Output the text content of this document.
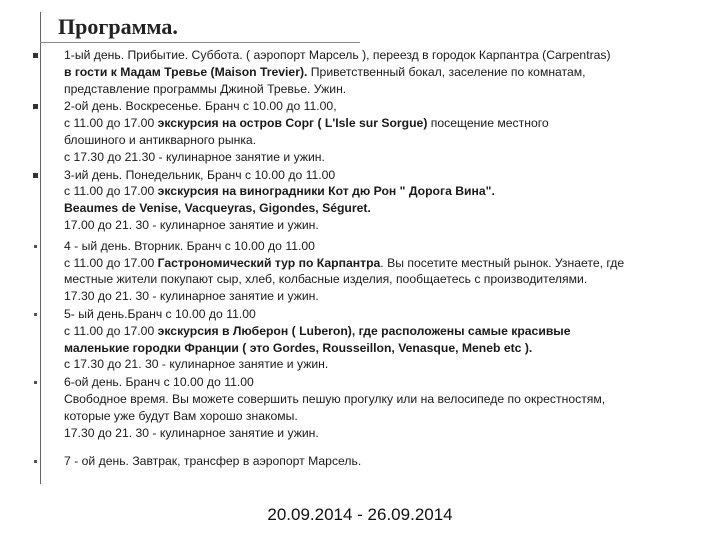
Программа.
1-ый день. Прибытие. Суббота. ( аэропорт Марсель ), переезд в городок Карпантра (Carpentras)
в гости к Мадам Тревье (Maison Trevier). Приветственный бокал, заселение по комнатам,
представление программы Джиной Тревье. Ужин.
2-ой день. Воскресенье. Бранч с 10.00 до 11.00,
с 11.00 до 17.00 экскурсия на остров Сорг ( L'Isle sur Sorgue) посещение местного
блошиного и антикварного рынка.
с 17.30 до 21.30 - кулинарное занятие и ужин.
3-ий день. Понедельник, Бранч с 10.00 до 11.00
с 11.00 до 17.00 экскурсия на виноградники Кот дю Рон " Дорога Вина".
Beaumes de Venise, Vacqueyras, Gigondes, Séguret.
17.00 до 21. 30 - кулинарное занятие и ужин.
4 - ый день. Вторник. Бранч с 10.00 до 11.00
с 11.00 до 17.00 Гастрономический тур по Карпантра. Вы посетите местный рынок. Узнаете, где
местные жители покупают сыр, хлеб, колбасные изделия, пообщаетесь с производителями.
17.30 до 21. 30 - кулинарное занятие и ужин.
5- ый день.Бранч с 10.00 до 11.00
с 11.00 до 17.00 экскурсия в Люберон ( Luberon), где расположены самые красивые
маленькие городки Франции ( это Gordes, Rousseillon, Venasque, Menеb etc ).
с 17.30 до 21. 30 - кулинарное занятие и ужин.
6-ой день. Бранч с 10.00 до 11.00
Свободное время. Вы можете совершить пешую прогулку или на велосипеде по окрестностям,
которые уже будут Вам хорошо знакомы.
17.30 до 21. 30 - кулинарное занятие и ужин.
7 - ой день. Завтрак, трансфер в аэропорт Марсель.
20.09.2014 - 26.09.2014
